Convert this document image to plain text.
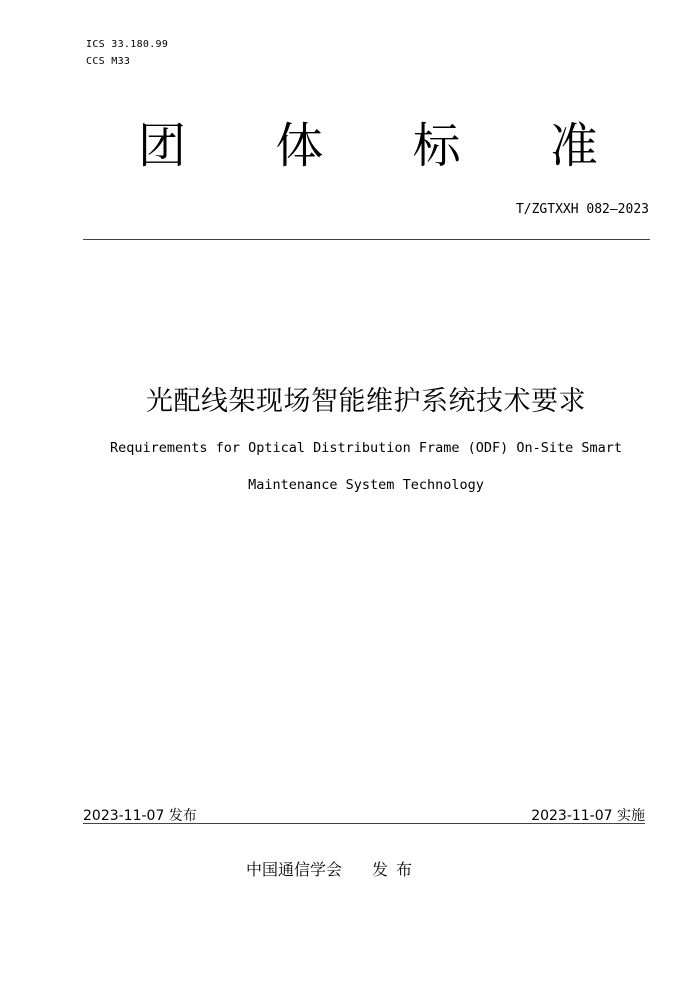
ICS 33.180.99
CCS M33
团 体 标 准
T/ZGTXXH 082—2023
光配线架现场智能维护系统技术要求
Requirements for Optical Distribution Frame (ODF) On-Site Smart
Maintenance System Technology
2023-11-07 发布	2023-11-07 实施
中国通信学会 发布
